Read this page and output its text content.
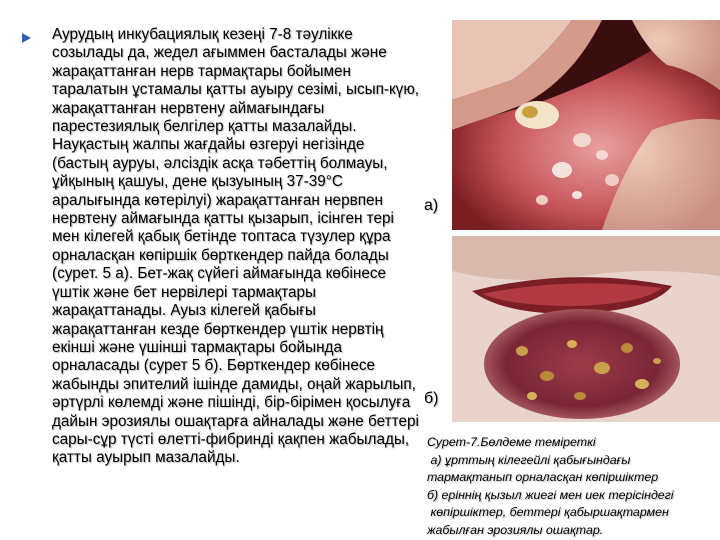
Аурудың инкубациялық кезеңі 7-8 тәулікке созылады да, жедел ағыммен басталады және жарақаттанған нерв тармақтары бойымен таралатын ұстамалы қатты ауыру сезімі, ысып-күю, жарақаттанған нервтену аймағындағы парестезиялық белгілер қатты мазалайды. Науқастың жалпы жағдайы өзгеруі негізінде (бастың ауруы, әлсіздік асқа тәбеттің болмауы, ұйқының қашуы, дене қызуының 37-39°С аралығында көтерілуі) жарақаттанған нервпен нервтену аймағында қатты қызарып, ісінген тері мен кілегей қабық бетінде топтаса түзулер құра орналасқан көпіршік бөрткендер пайда болады (сурет. 5 а). Бет-жақ сүйегі аймағында көбінесе үштік және бет нервілері тармақтары жарақаттанады. Ауыз кілегей қабығы жарақаттанған кезде бөрткендер үштік нервтің екінші және үшінші тармақтары бойында орналасады (сурет 5 б). Бөрткендер көбінесе жабынды эпителий ішінде дамиды, оңай жарылып, әртүрлі көлемді және пішінді, бір-бірімен қосылуға дайын эрозиялы ошақтарға айналады және беттері сары-сұр түсті өлетті-фибринді қақпен жабылады, қатты ауырып мазалайды.

а)
б)
Сурет-7.Бөлдеме теміреткі
а) ұрттың кілегейлі қабығындағы
тармақтанып орналасқан көпіршіктер
б) еріннің қызыл жиегі мен иек терісіндегі
көпіршіктер, беттері қабыршақтармен
жабылған эрозиялы ошақтар.
